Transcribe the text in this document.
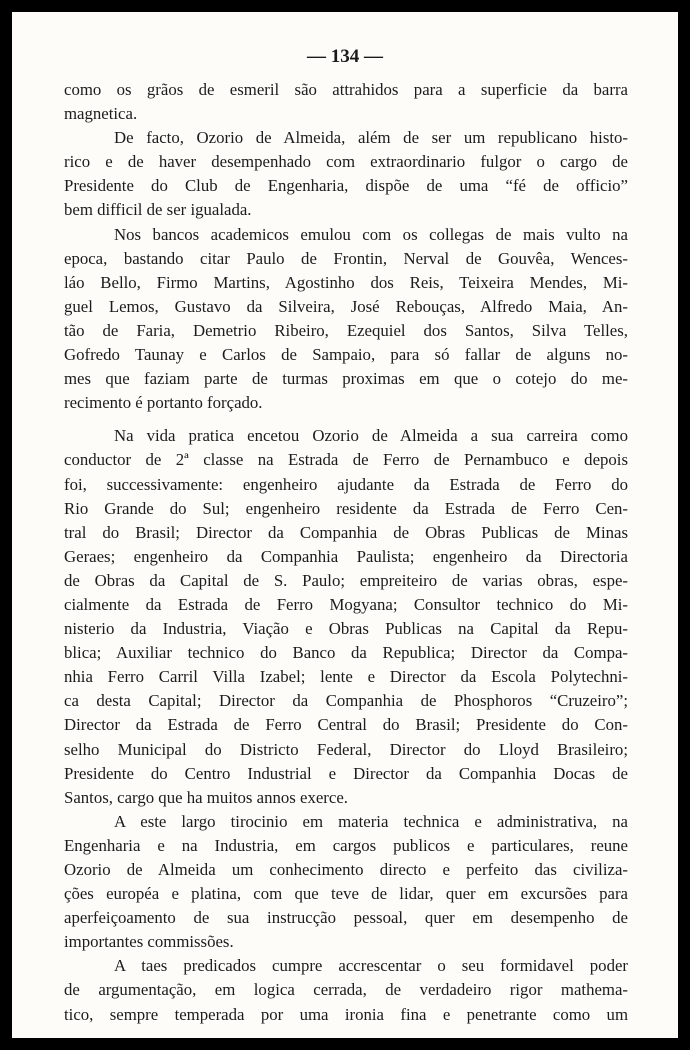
— 134 —
como os grãos de esmeril são attrahidos para a superficie da barra
magnetica.
De facto, Ozorio de Almeida, além de ser um republicano histo-
rico e de haver desempenhado com extraordinario fulgor o cargo de
Presidente do Club de Engenharia, dispõe de uma “fé de officio”
bem difficil de ser igualada.
Nos bancos academicos emulou com os collegas de mais vulto na
epoca, bastando citar Paulo de Frontin, Nerval de Gouvêa, Wences-
láo Bello, Firmo Martins, Agostinho dos Reis, Teixeira Mendes, Mi-
guel Lemos, Gustavo da Silveira, José Rebouças, Alfredo Maia, An-
tão de Faria, Demetrio Ribeiro, Ezequiel dos Santos, Silva Telles,
Gofredo Taunay e Carlos de Sampaio, para só fallar de alguns no-
mes que faziam parte de turmas proximas em que o cotejo do me-
recimento é portanto forçado.
Na vida pratica encetou Ozorio de Almeida a sua carreira como
conductor de 2ª classe na Estrada de Ferro de Pernambuco e depois
foi, successivamente: engenheiro ajudante da Estrada de Ferro do
Rio Grande do Sul; engenheiro residente da Estrada de Ferro Cen-
tral do Brasil; Director da Companhia de Obras Publicas de Minas
Geraes; engenheiro da Companhia Paulista; engenheiro da Directoria
de Obras da Capital de S. Paulo; empreiteiro de varias obras, espe-
cialmente da Estrada de Ferro Mogyana; Consultor technico do Mi-
nisterio da Industria, Viação e Obras Publicas na Capital da Repu-
blica; Auxiliar technico do Banco da Republica; Director da Compa-
nhia Ferro Carril Villa Izabel; lente e Director da Escola Polytechni-
ca desta Capital; Director da Companhia de Phosphoros “Cruzeiro”;
Director da Estrada de Ferro Central do Brasil; Presidente do Con-
selho Municipal do Districto Federal, Director do Lloyd Brasileiro;
Presidente do Centro Industrial e Director da Companhia Docas de
Santos, cargo que ha muitos annos exerce.
A este largo tirocinio em materia technica e administrativa, na
Engenharia e na Industria, em cargos publicos e particulares, reune
Ozorio de Almeida um conhecimento directo e perfeito das civiliza-
ções européa e platina, com que teve de lidar, quer em excursões para
aperfeiçoamento de sua instrucção pessoal, quer em desempenho de
importantes commissões.
A taes predicados cumpre accrescentar o seu formidavel poder
de argumentação, em logica cerrada, de verdadeiro rigor mathema-
tico, sempre temperada por uma ironia fina e penetrante como um
